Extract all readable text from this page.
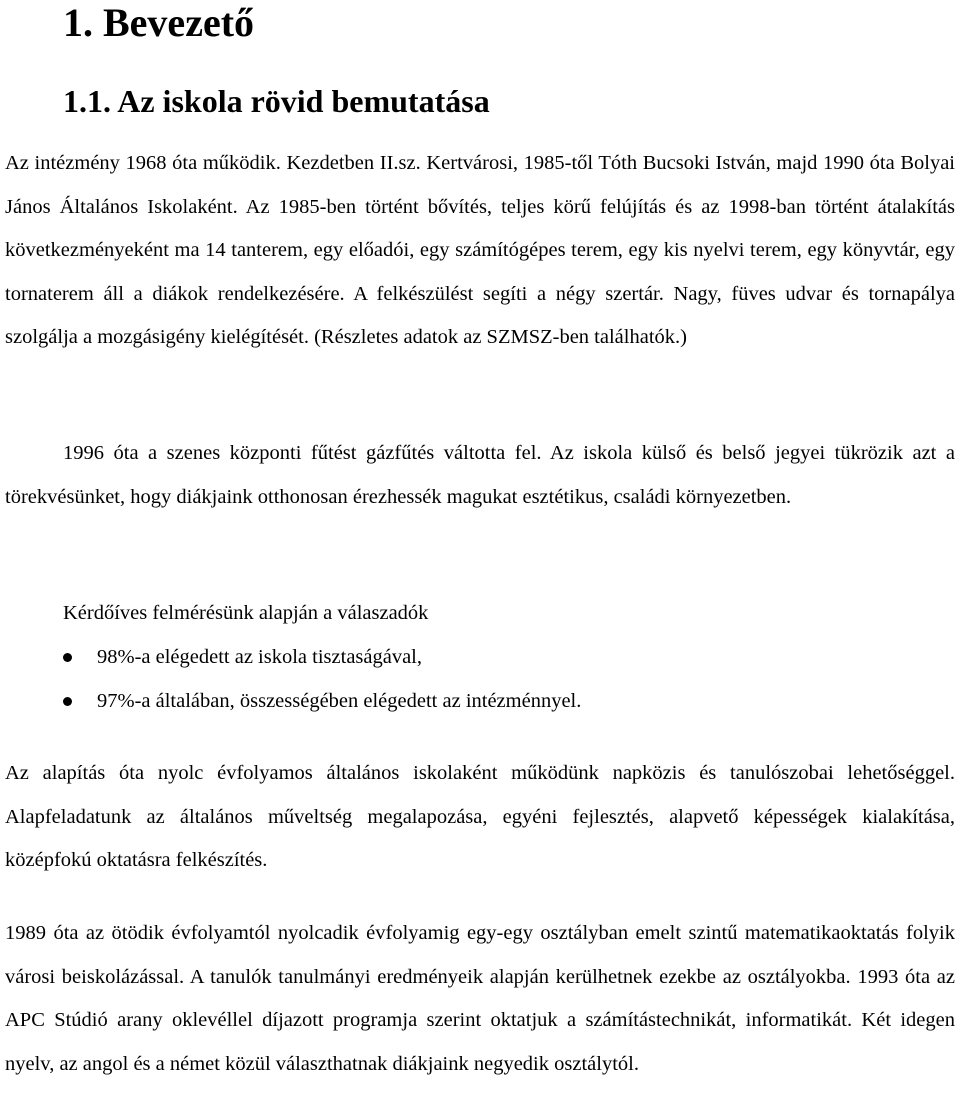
1. Bevezető
1.1. Az iskola rövid bemutatása

Az intézmény 1968 óta működik. Kezdetben II.sz. Kertvárosi, 1985-től Tóth Bucsoki István, majd 1990 óta Bolyai János Általános Iskolaként. Az 1985-ben történt bővítés, teljes körű felújítás és az 1998-ban történt átalakítás következményeként ma 14 tanterem, egy előadói, egy számítógépes terem, egy kis nyelvi terem, egy könyvtár, egy tornaterem áll a diákok rendelkezésére. A felkészülést segíti a négy szertár. Nagy, füves udvar és tornapálya szolgálja a mozgásigény kielégítését. (Részletes adatok az SZMSZ-ben találhatók.)

1996 óta a szenes központi fűtést gázfűtés váltotta fel. Az iskola külső és belső jegyei tükrözik azt a törekvésünket, hogy diákjaink otthonosan érezhessék magukat esztétikus, családi környezetben.

Kérdőíves felmérésünk alapján a válaszadók

98%-a elégedett az iskola tisztaságával,
97%-a általában, összességében elégedett az intézménnyel.

Az alapítás óta nyolc évfolyamos általános iskolaként működünk napközis és tanulószobai lehetőséggel. Alapfeladatunk az általános műveltség megalapozása, egyéni fejlesztés, alapvető képességek kialakítása, középfokú oktatásra felkészítés.

1989 óta az ötödik évfolyamtól nyolcadik évfolyamig egy-egy osztályban emelt szintű matematikaoktatás folyik városi beiskolázással. A tanulók tanulmányi eredményeik alapján kerülhetnek ezekbe az osztályokba. 1993 óta az APC Stúdió arany oklevéllel díjazott programja szerint oktatjuk a számítástechnikát, informatikát. Két idegen nyelv, az angol és a német közül választhatnak diákjaink negyedik osztálytól.
